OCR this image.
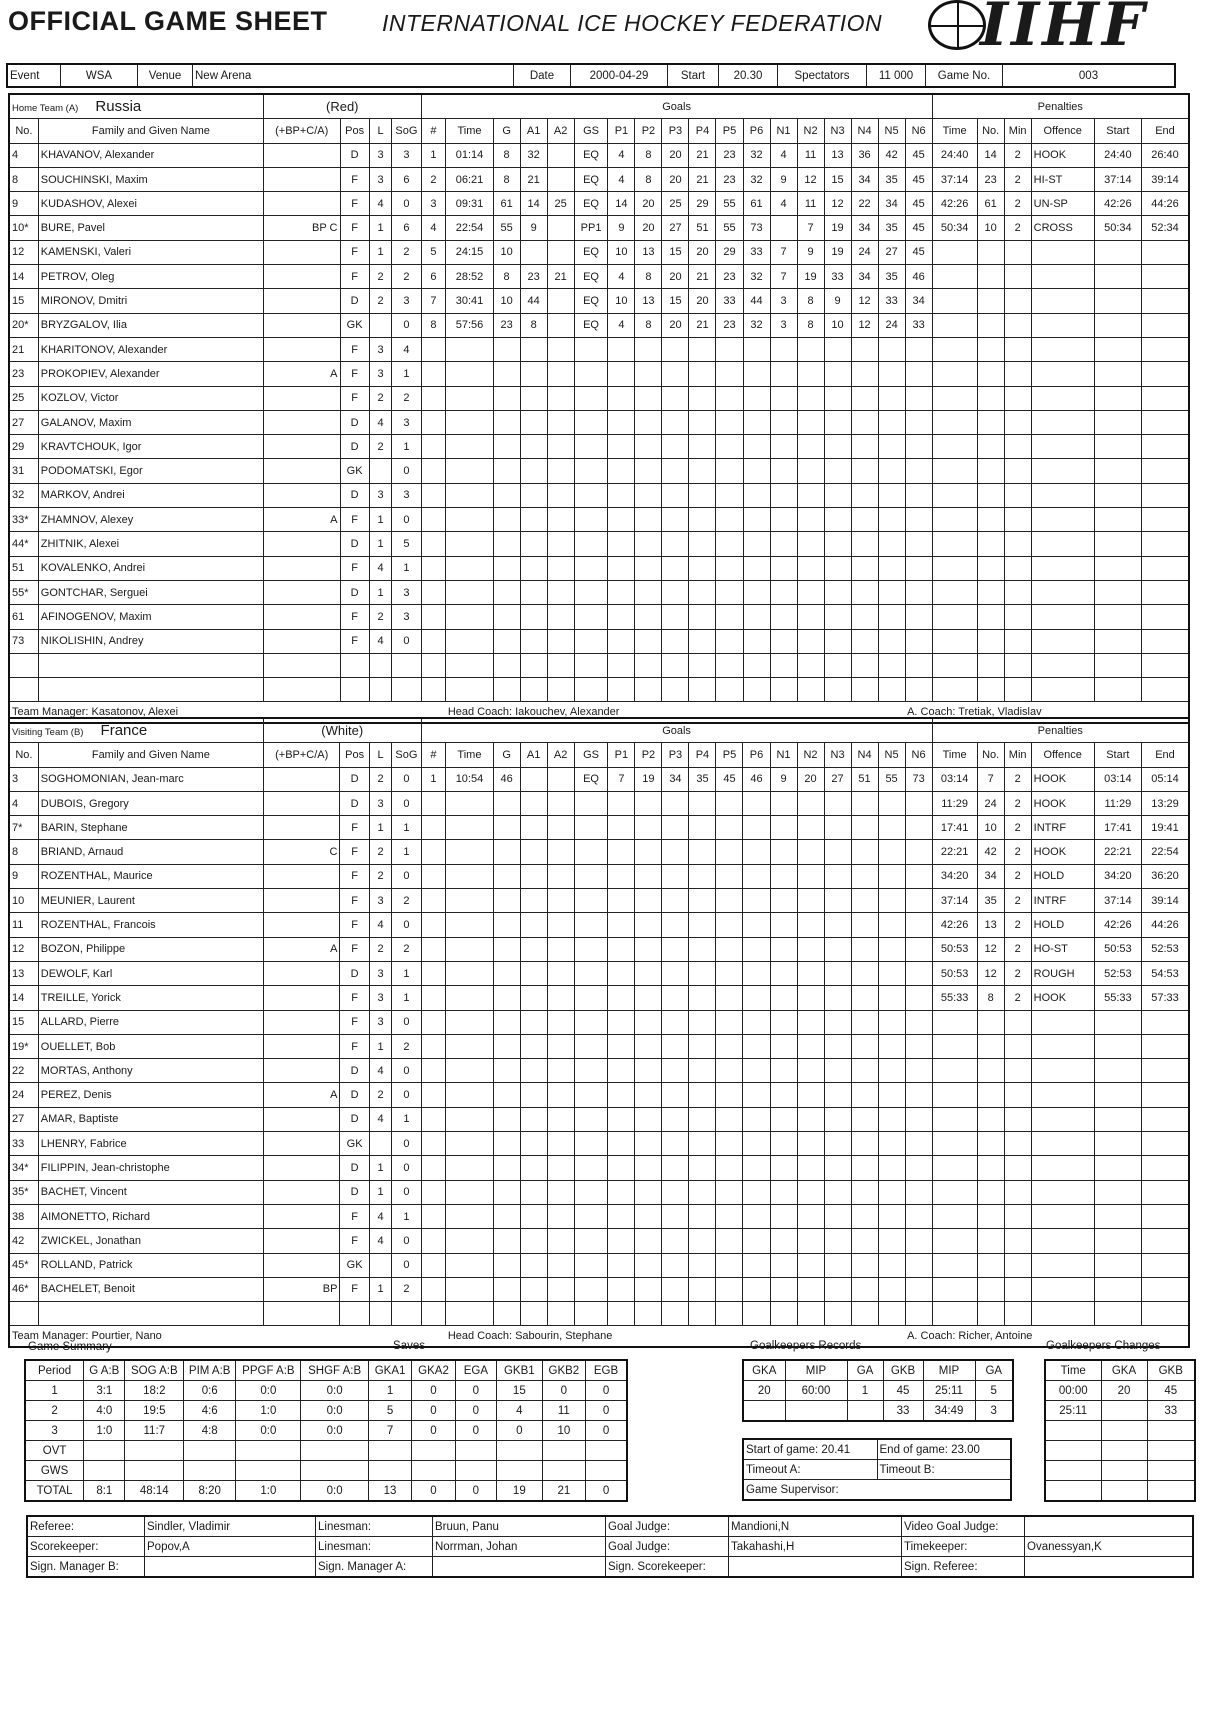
OFFICIAL GAME SHEET INTERNATIONAL ICE HOCKEY FEDERATION IIHF
Event	WSA	Venue	New Arena	Date	2000-04-29	Start	20.30	Spectators	11 000	Game No.	003
Home Team (A) Russia		(Red)				Goals																		Penalties					
No.	Family and Given Name	(+BP+C/A)	Pos	L	SoG	#	Time	G	A1	A2	GS	P1	P2	P3	P4	P5	P6	N1	N2	N3	N4	N5	N6	Time	No.	Min	Offence	Start	End
4	KHAVANOV, Alexander		D	3	3	1	01:14	8	32		EQ	4	8	20	21	23	32	4	11	13	36	42	45	24:40	14	2	HOOK	24:40	26:40
8	SOUCHINSKI, Maxim		F	3	6	2	06:21	8	21		EQ	4	8	20	21	23	32	9	12	15	34	35	45	37:14	23	2	HI-ST	37:14	39:14
9	KUDASHOV, Alexei		F	4	0	3	09:31	61	14	25	EQ	14	20	25	29	55	61	4	11	12	22	34	45	42:26	61	2	UN-SP	42:26	44:26
10*	BURE, Pavel	BP C	F	1	6	4	22:54	55	9		PP1	9	20	27	51	55	73		7	19	34	35	45	50:34	10	2	CROSS	50:34	52:34
12	KAMENSKI, Valeri		F	1	2	5	24:15	10			EQ	10	13	15	20	29	33	7	9	19	24	27	45						
14	PETROV, Oleg		F	2	2	6	28:52	8	23	21	EQ	4	8	20	21	23	32	7	19	33	34	35	46						
15	MIRONOV, Dmitri		D	2	3	7	30:41	10	44		EQ	10	13	15	20	33	44	3	8	9	12	33	34						
20*	BRYZGALOV, Ilia		GK		0	8	57:56	23	8		EQ	4	8	20	21	23	32	3	8	10	12	24	33						
21	KHARITONOV, Alexander		F	3	4																								
23	PROKOPIEV, Alexander	A	F	3	1																								
25	KOZLOV, Victor		F	2	2																								
27	GALANOV, Maxim		D	4	3																								
29	KRAVTCHOUK, Igor		D	2	1																								
31	PODOMATSKI, Egor		GK		0																								
32	MARKOV, Andrei		D	3	3																								
33*	ZHAMNOV, Alexey	A	F	1	0																								
44*	ZHITNIK, Alexei		D	1	5																								
51	KOVALENKO, Andrei		F	4	1																								
55*	GONTCHAR, Serguei		D	1	3																								
61	AFINOGENOV, Maxim		F	2	3																								
73	NIKOLISHIN, Andrey		F	4	0																								

Team Manager: Kasatonov, Alexei							Head Coach: Iakouchev, Alexander																A. Coach: Tretiak, Vladislav						
Visiting Team (B) France		(White)				Goals																		Penalties					
No.	Family and Given Name	(+BP+C/A)	Pos	L	SoG	#	Time	G	A1	A2	GS	P1	P2	P3	P4	P5	P6	N1	N2	N3	N4	N5	N6	Time	No.	Min	Offence	Start	End
3	SOGHOMONIAN, Jean-marc		D	2	0	1	10:54	46			EQ	7	19	34	35	45	46	9	20	27	51	55	73	03:14	7	2	HOOK	03:14	05:14
4	DUBOIS, Gregory		D	3	0																			11:29	24	2	HOOK	11:29	13:29
7*	BARIN, Stephane		F	1	1																			17:41	10	2	INTRF	17:41	19:41
8	BRIAND, Arnaud	C	F	2	1																			22:21	42	2	HOOK	22:21	22:54
9	ROZENTHAL, Maurice		F	2	0																			34:20	34	2	HOLD	34:20	36:20
10	MEUNIER, Laurent		F	3	2																			37:14	35	2	INTRF	37:14	39:14
11	ROZENTHAL, Francois		F	4	0																			42:26	13	2	HOLD	42:26	44:26
12	BOZON, Philippe	A	F	2	2																			50:53	12	2	HO-ST	50:53	52:53
13	DEWOLF, Karl		D	3	1																			50:53	12	2	ROUGH	52:53	54:53
14	TREILLE, Yorick		F	3	1																			55:33	8	2	HOOK	55:33	57:33
15	ALLARD, Pierre		F	3	0																								
19*	OUELLET, Bob		F	1	2																								
22	MORTAS, Anthony		D	4	0																								
24	PEREZ, Denis	A	D	2	0																								
27	AMAR, Baptiste		D	4	1																								
33	LHENRY, Fabrice		GK		0																								
34*	FILIPPIN, Jean-christophe		D	1	0																								
35*	BACHET, Vincent		D	1	0																								
38	AIMONETTO, Richard		F	4	1																								
42	ZWICKEL, Jonathan		F	4	0																								
45*	ROLLAND, Patrick		GK		0																								
46*	BACHELET, Benoit	BP	F	1	2																								

Team Manager: Pourtier, Nano							Head Coach: Sabourin, Stephane																A. Coach: Richer, Antoine						
Game Summary	Saves
Period	G A:B	SOG A:B	PIM A:B	PPGF A:B	SHGF A:B	GKA1	GKA2	EGA	GKB1	GKB2	EGB
1	3:1	18:2	0:6	0:0	0:0	1	0	0	15	0	0
2	4:0	19:5	4:6	1:0	0:0	5	0	0	4	11	0
3	1:0	11:7	4:8	0:0	0:0	7	0	0	0	10	0
OVT											
GWS											
TOTAL	8:1	48:14	8:20	1:0	0:0	13	0	0	19	21	0
Goalkeepers Records
GKA	MIP	GA	GKB	MIP	GA
20	60:00	1	45	25:11	5
			33	34:49	3
Start of game: 20.41	End of game: 23.00
Timeout A:	Timeout B:
Game Supervisor:	
Goalkeepers Changes
Time	GKA	GKB
00:00	20	45
25:11		33

Referee:	Sindler, Vladimir	Linesman:	Bruun, Panu	Goal Judge:	Mandioni,N	Video Goal Judge:	
Scorekeeper:	Popov,A	Linesman:	Norrman, Johan	Goal Judge:	Takahashi,H	Timekeeper:	Ovanessyan,K
Sign. Manager B:		Sign. Manager A:		Sign. Scorekeeper:		Sign. Referee:	
